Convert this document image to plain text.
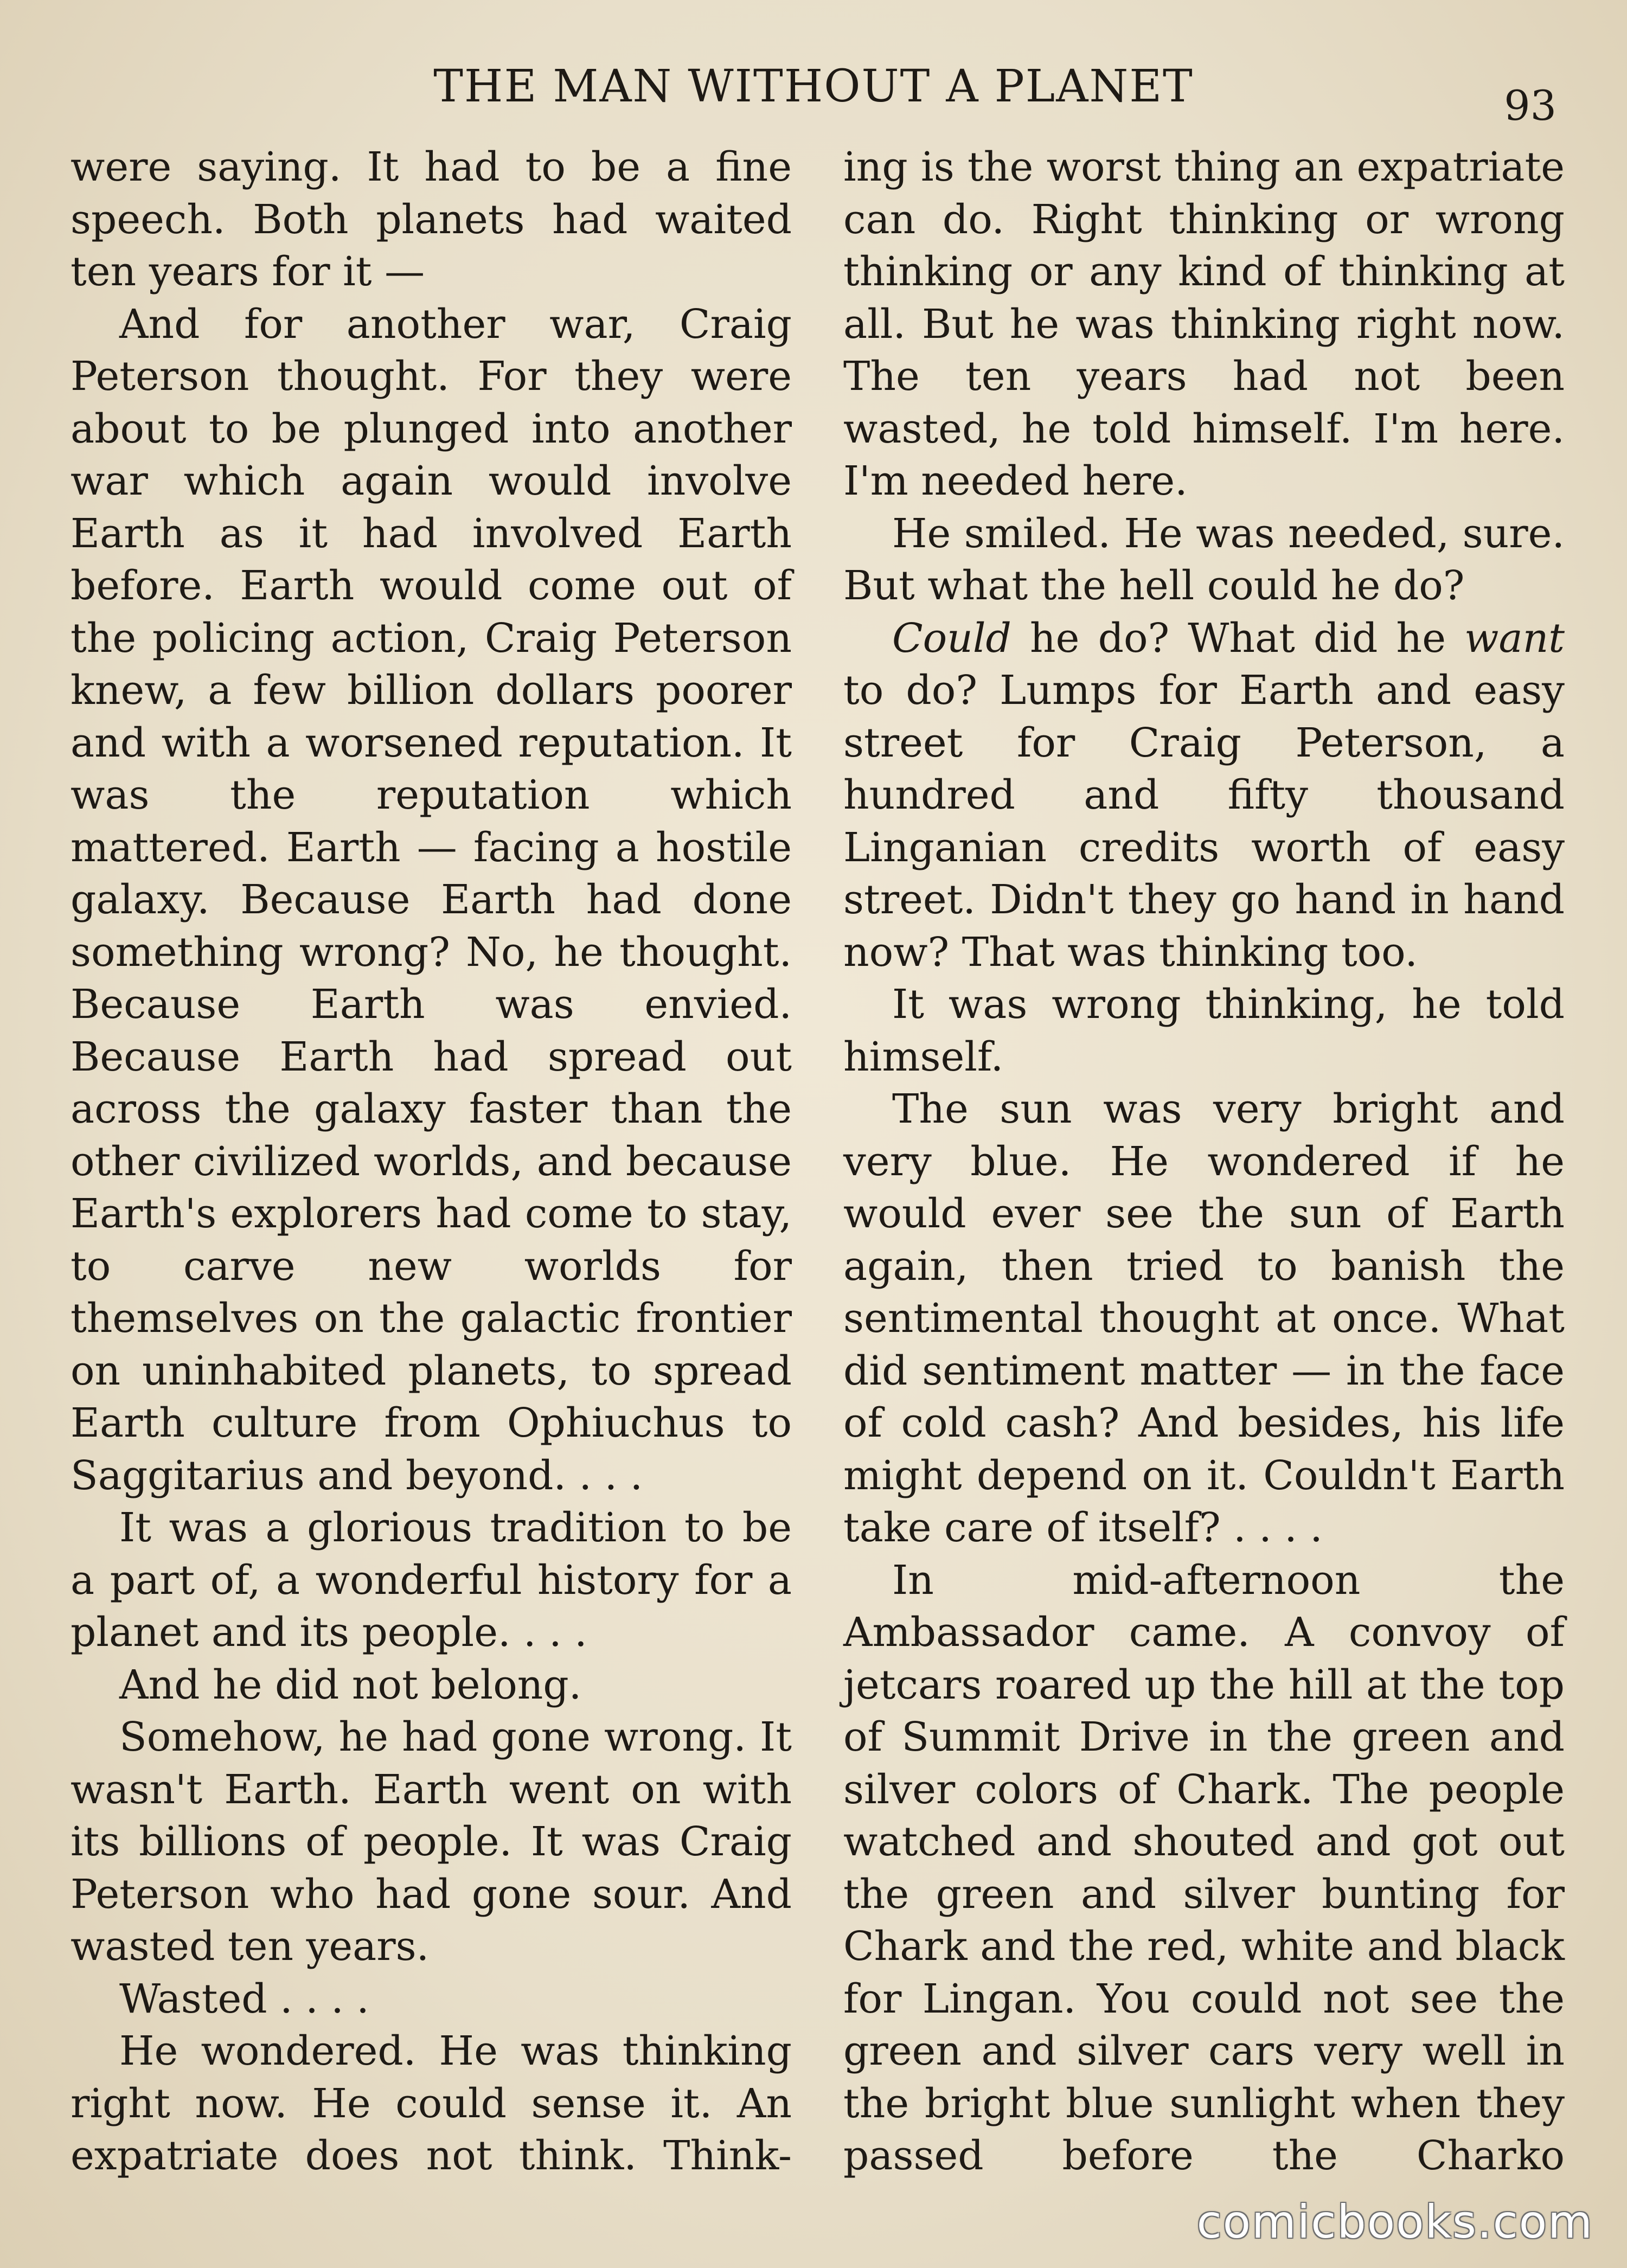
THE MAN WITHOUT A PLANET	93

were saying. It had to be a fine speech. Both planets had waited ten years for it —

And for another war, Craig Peterson thought. For they were about to be plunged into another war which again would involve Earth as it had involved Earth before. Earth would come out of the policing action, Craig Peterson knew, a few billion dollars poorer and with a worsened reputation. It was the reputation which mattered. Earth — facing a hostile galaxy. Because Earth had done something wrong? No, he thought. Because Earth was envied. Because Earth had spread out across the galaxy faster than the other civilized worlds, and because Earth's explorers had come to stay, to carve new worlds for themselves on the galactic frontier on uninhabited planets, to spread Earth culture from Ophiuchus to Saggitarius and beyond. . . .

It was a glorious tradition to be a part of, a wonderful history for a planet and its people. . . .

And he did not belong.

Somehow, he had gone wrong. It wasn't Earth. Earth went on with its billions of people. It was Craig Peterson who had gone sour. And wasted ten years.

Wasted . . . .

He wondered. He was thinking right now. He could sense it. An expatriate does not think. Think-

ing is the worst thing an expatriate can do. Right thinking or wrong thinking or any kind of thinking at all. But he was thinking right now. The ten years had not been wasted, he told himself. I'm here. I'm needed here.

He smiled. He was needed, sure. But what the hell could he do?

Could he do? What did he want to do? Lumps for Earth and easy street for Craig Peterson, a hundred and fifty thousand Linganian credits worth of easy street. Didn't they go hand in hand now? That was thinking too.

It was wrong thinking, he told himself.

The sun was very bright and very blue. He wondered if he would ever see the sun of Earth again, then tried to banish the sentimental thought at once. What did sentiment matter — in the face of cold cash? And besides, his life might depend on it. Couldn't Earth take care of itself? . . . .

In mid-afternoon the Ambassador came. A convoy of jetcars roared up the hill at the top of Summit Drive in the green and silver colors of Chark. The people watched and shouted and got out the green and silver bunting for Chark and the red, white and black for Lingan. You could not see the green and silver cars very well in the bright blue sunlight when they passed before the Charko

comicbooks.com
